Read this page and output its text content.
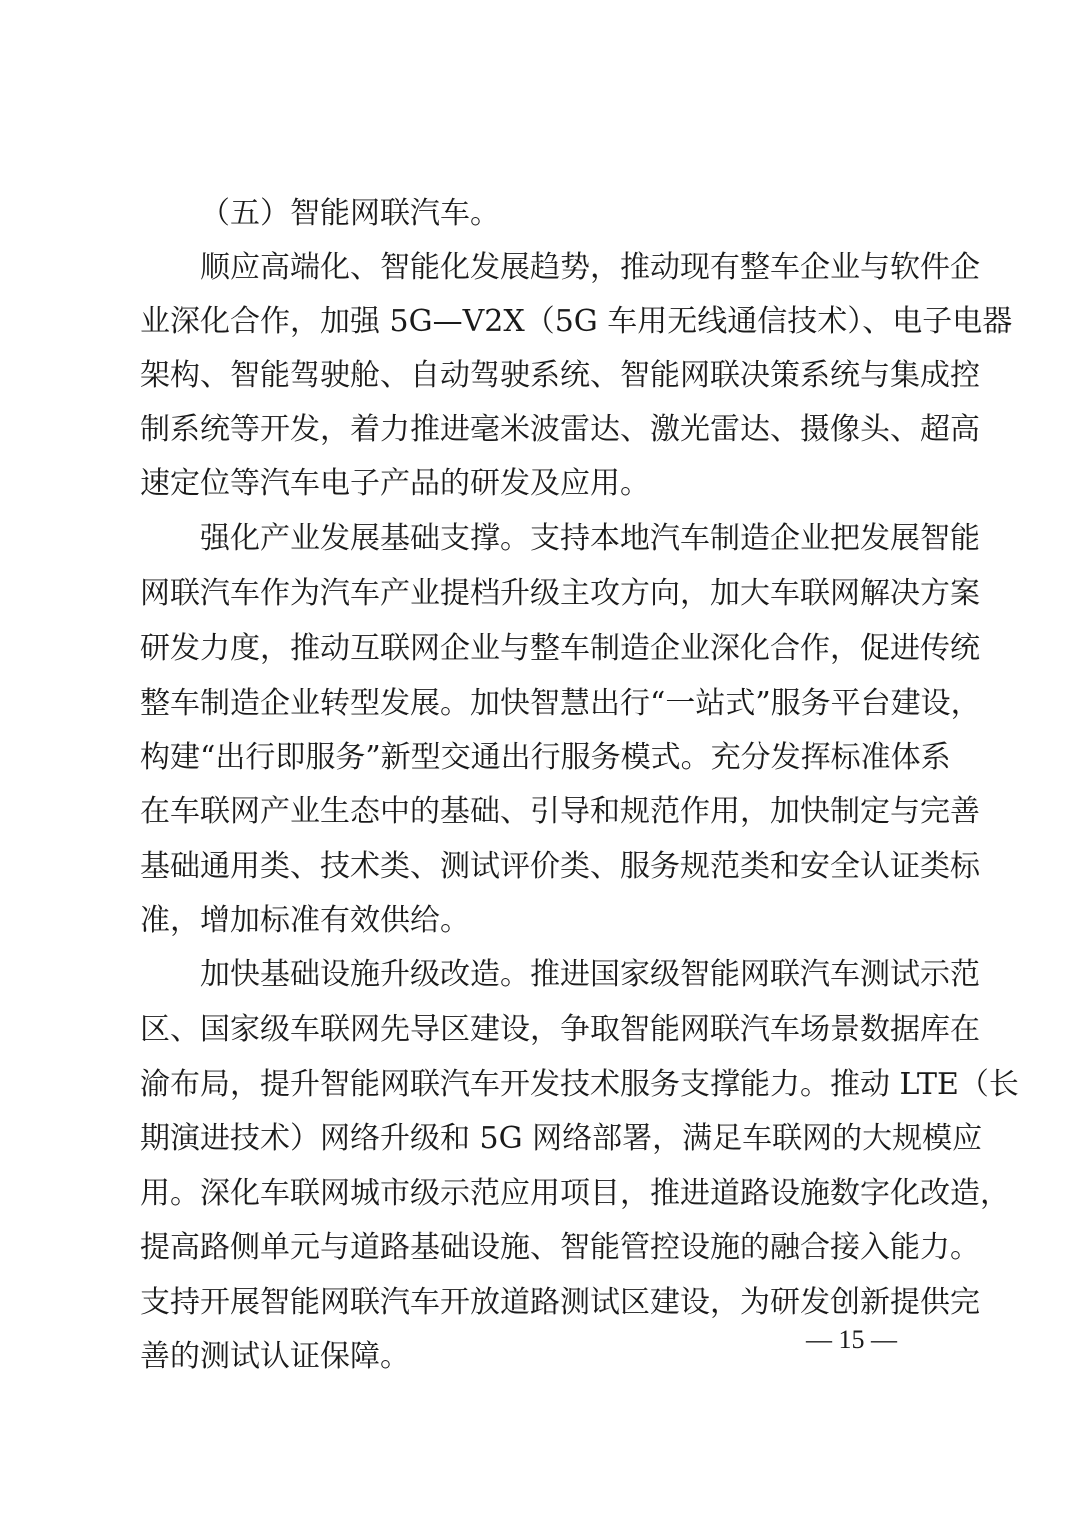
（五）智能网联汽车。
顺应高端化、智能化发展趋势，推动现有整车企业与软件企
业深化合作，加强 5G—V2X（5G 车用无线通信技术）、电子电器
架构、智能驾驶舱、自动驾驶系统、智能网联决策系统与集成控
制系统等开发，着力推进毫米波雷达、激光雷达、摄像头、超高
速定位等汽车电子产品的研发及应用。
强化产业发展基础支撑。支持本地汽车制造企业把发展智能
网联汽车作为汽车产业提档升级主攻方向，加大车联网解决方案
研发力度，推动互联网企业与整车制造企业深化合作，促进传统
整车制造企业转型发展。加快智慧出行“一站式”服务平台建设，
构建“出行即服务”新型交通出行服务模式。充分发挥标准体系
在车联网产业生态中的基础、引导和规范作用，加快制定与完善
基础通用类、技术类、测试评价类、服务规范类和安全认证类标
准，增加标准有效供给。
加快基础设施升级改造。推进国家级智能网联汽车测试示范
区、国家级车联网先导区建设，争取智能网联汽车场景数据库在
渝布局，提升智能网联汽车开发技术服务支撑能力。推动 LTE（长
期演进技术）网络升级和 5G 网络部署，满足车联网的大规模应
用。深化车联网城市级示范应用项目，推进道路设施数字化改造，
提高路侧单元与道路基础设施、智能管控设施的融合接入能力。
支持开展智能网联汽车开放道路测试区建设，为研发创新提供完
善的测试认证保障。	— 15 —
